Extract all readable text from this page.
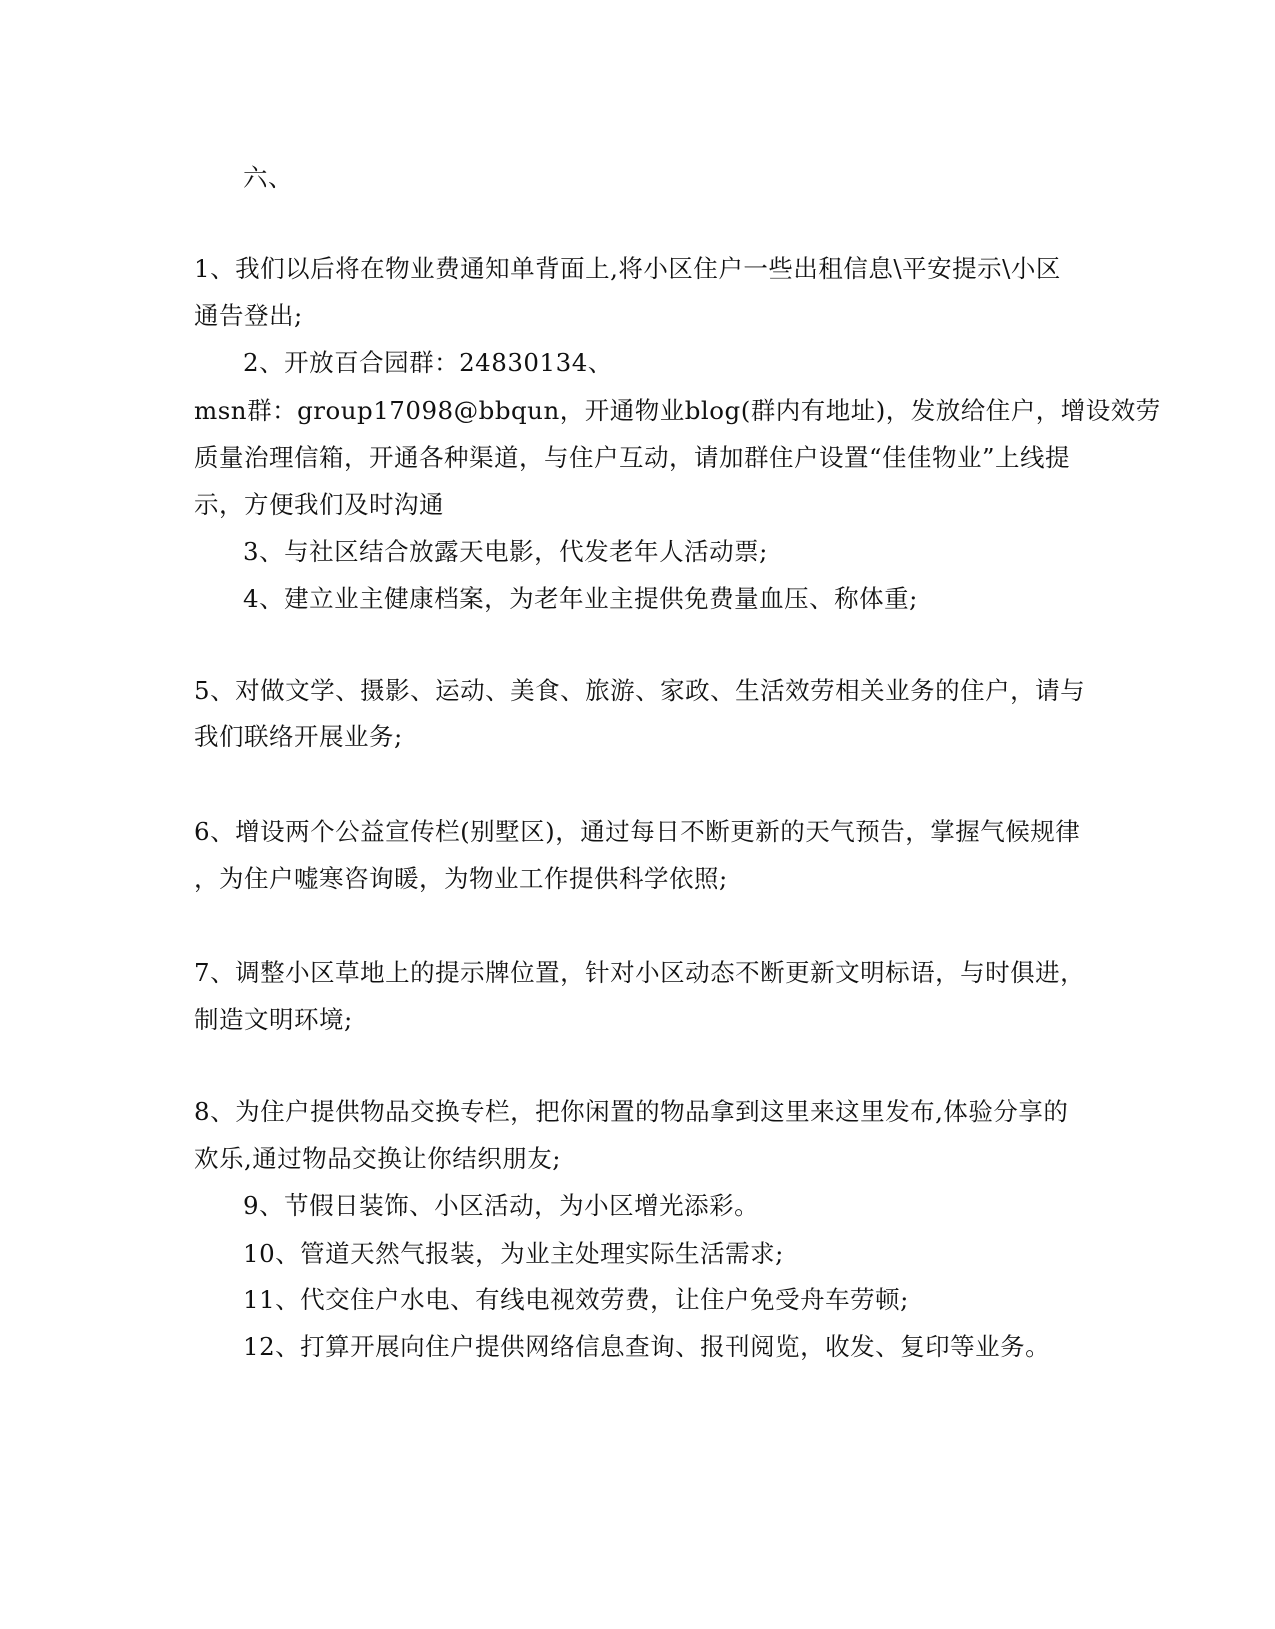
六、
1、我们以后将在物业费通知单背面上,将小区住户一些出租信息\平安提示\小区
通告登出;
2、开放百合园群：24830134、
msn群：group17098@bbqun，开通物业blog(群内有地址)，发放给住户，增设效劳
质量治理信箱，开通各种渠道，与住户互动，请加群住户设置“佳佳物业”上线提
示，方便我们及时沟通
3、与社区结合放露天电影，代发老年人活动票;
4、建立业主健康档案，为老年业主提供免费量血压、称体重;
5、对做文学、摄影、运动、美食、旅游、家政、生活效劳相关业务的住户，请与
我们联络开展业务;
6、增设两个公益宣传栏(别墅区)，通过每日不断更新的天气预告，掌握气候规律
，为住户嘘寒咨询暖，为物业工作提供科学依照;
7、调整小区草地上的提示牌位置，针对小区动态不断更新文明标语，与时俱进，
制造文明环境;
8、为住户提供物品交换专栏，把你闲置的物品拿到这里来这里发布,体验分享的
欢乐,通过物品交换让你结织朋友;
9、节假日装饰、小区活动，为小区增光添彩。
10、管道天然气报装，为业主处理实际生活需求;
11、代交住户水电、有线电视效劳费，让住户免受舟车劳顿;
12、打算开展向住户提供网络信息查询、报刊阅览，收发、复印等业务。
